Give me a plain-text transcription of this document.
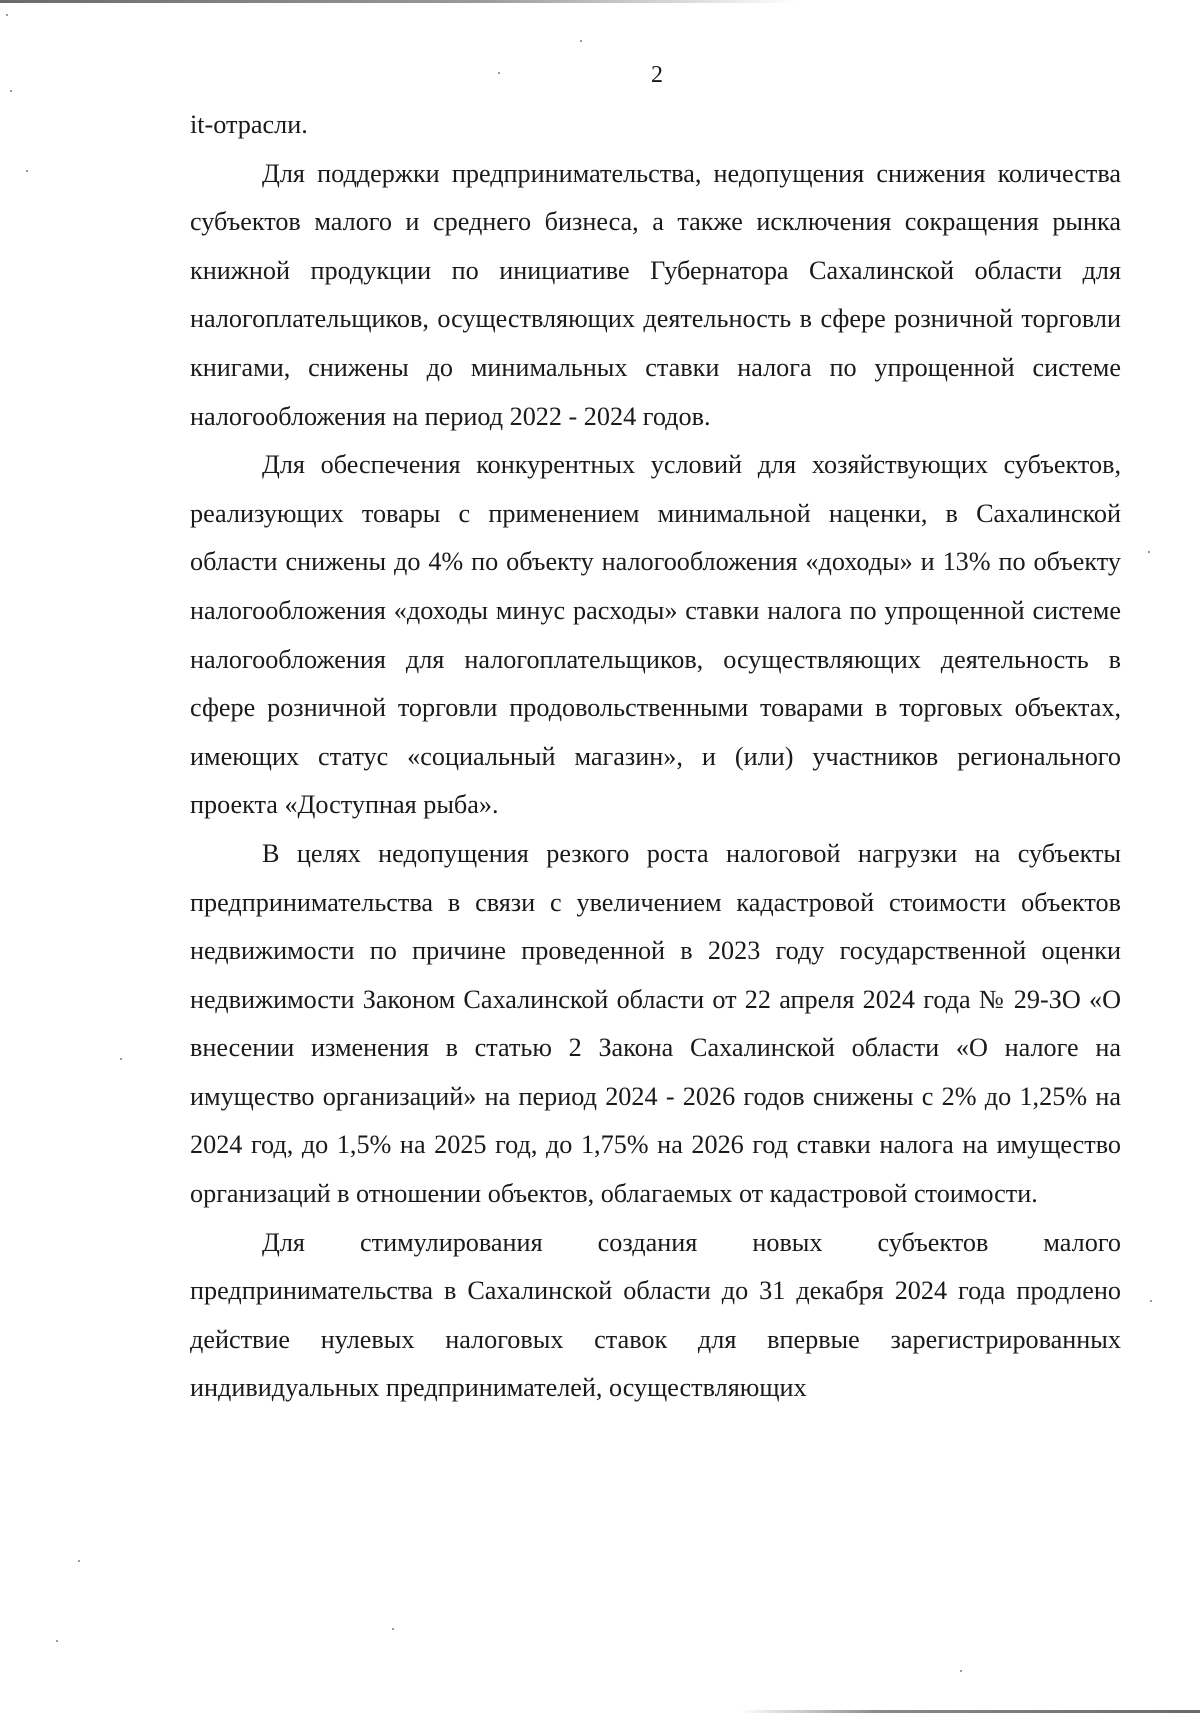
2

it-отрасли.

Для поддержки предпринимательства, недопущения снижения количества субъектов малого и среднего бизнеса, а также исключения сокращения рынка книжной продукции по инициативе Губернатора Сахалинской области для налогоплательщиков, осуществляющих деятельность в сфере розничной торговли книгами, снижены до минимальных ставки налога по упрощенной системе налогообложения на период 2022 - 2024 годов.

Для обеспечения конкурентных условий для хозяйствующих субъектов, реализующих товары с применением минимальной наценки, в Сахалинской области снижены до 4% по объекту налогообложения «доходы» и 13% по объекту налогообложения «доходы минус расходы» ставки налога по упрощенной системе налогообложения для налогоплательщиков, осуществляющих деятельность в сфере розничной торговли продовольственными товарами в торговых объектах, имеющих статус «социальный магазин», и (или) участников регионального проекта «Доступная рыба».

В целях недопущения резкого роста налоговой нагрузки на субъекты предпринимательства в связи с увеличением кадастровой стоимости объектов недвижимости по причине проведенной в 2023 году государственной оценки недвижимости Законом Сахалинской области от 22 апреля 2024 года № 29-ЗО «О внесении изменения в статью 2 Закона Сахалинской области «О налоге на имущество организаций» на период 2024 - 2026 годов снижены с 2% до 1,25% на 2024 год, до 1,5% на 2025 год, до 1,75% на 2026 год ставки налога на имущество организаций в отношении объектов, облагаемых от кадастровой стоимости.

Для стимулирования создания новых субъектов малого предпринимательства в Сахалинской области до 31 декабря 2024 года продлено действие нулевых налоговых ставок для впервые зарегистрированных индивидуальных предпринимателей, осуществляющих
